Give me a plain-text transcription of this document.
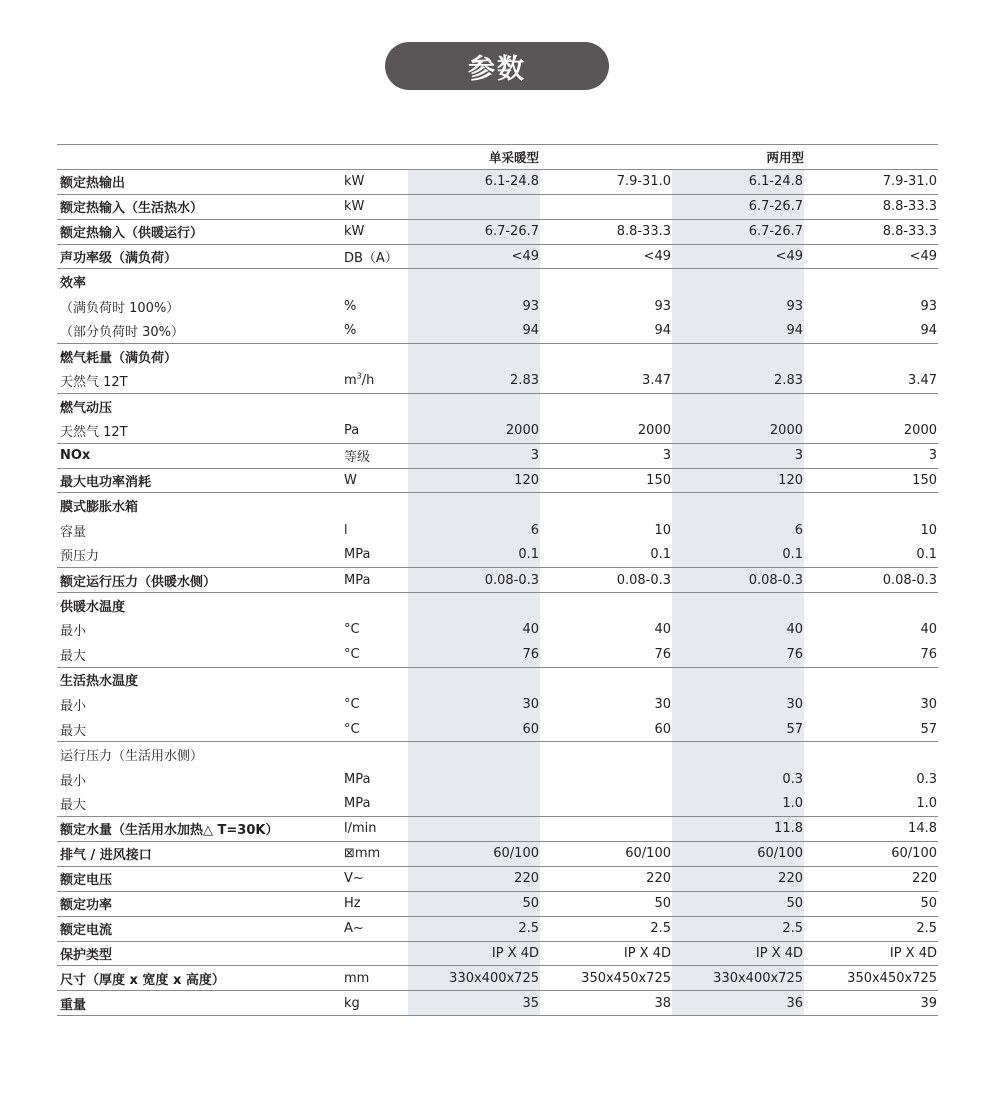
参数
		单采暖型		两用型	
额定热输出	kW	6.1-24.8	7.9-31.0	6.1-24.8	7.9-31.0
额定热输入（生活热水）	kW			6.7-26.7	8.8-33.3
额定热输入（供暖运行）	kW	6.7-26.7	8.8-33.3	6.7-26.7	8.8-33.3
声功率级（满负荷）	DB（A）	<49	<49	<49	<49
效率					
（满负荷时 100%）	%	93	93	93	93
（部分负荷时 30%）	%	94	94	94	94
燃气耗量（满负荷）					
天然气 12T	$m^3/h$	2.83	3.47	2.83	3.47
燃气动压					
天然气 12T	Pa	2000	2000	2000	2000
NOx	等级	3	3	3	3
最大电功率消耗	W	120	150	120	150
膜式膨胀水箱					
容量	l	6	10	6	10
预压力	MPa	0.1	0.1	0.1	0.1
额定运行压力（供暖水侧）	MPa	0.08-0.3	0.08-0.3	0.08-0.3	0.08-0.3
供暖水温度					
最小	°C	40	40	40	40
最大	°C	76	76	76	76
生活热水温度					
最小	°C	30	30	30	30
最大	°C	60	60	57	57
运行压力（生活用水侧）					
最小	MPa			0.3	0.3
最大	MPa			1.0	1.0
额定水量（生活用水加热△ T=30K）	l/min			11.8	14.8
排气 / 进风接口	⊠mm	60/100	60/100	60/100	60/100
额定电压	V~	220	220	220	220
额定功率	Hz	50	50	50	50
额定电流	A~	2.5	2.5	2.5	2.5
保护类型		IP X 4D	IP X 4D	IP X 4D	IP X 4D
尺寸（厚度 x 宽度 x 高度）	mm	330x400x725	350x450x725	330x400x725	350x450x725
重量	kg	35	38	36	39
